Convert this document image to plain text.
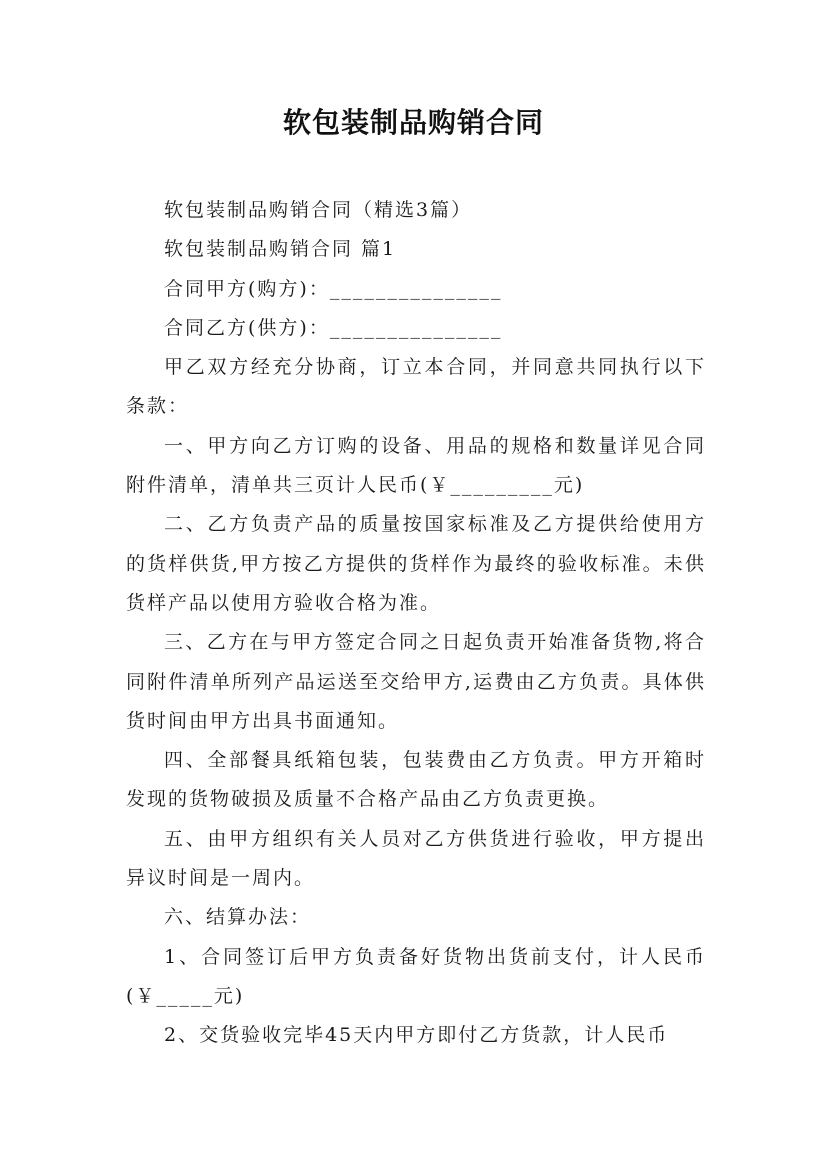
软包装制品购销合同

软包装制品购销合同（精选3篇）

软包装制品购销合同 篇1

合同甲方(购方)：_______________

合同乙方(供方)：_______________

甲乙双方经充分协商，订立本合同，并同意共同执行以下条款：

一、甲方向乙方订购的设备、用品的规格和数量详见合同附件清单，清单共三页计人民币(￥_________元)

二、乙方负责产品的质量按国家标准及乙方提供给使用方的货样供货,甲方按乙方提供的货样作为最终的验收标准。未供货样产品以使用方验收合格为准。

三、乙方在与甲方签定合同之日起负责开始准备货物,将合同附件清单所列产品运送至交给甲方,运费由乙方负责。具体供货时间由甲方出具书面通知。

四、全部餐具纸箱包装，包装费由乙方负责。甲方开箱时发现的货物破损及质量不合格产品由乙方负责更换。

五、由甲方组织有关人员对乙方供货进行验收，甲方提出异议时间是一周内。

六、结算办法：

1、合同签订后甲方负责备好货物出货前支付，计人民币(￥_____元)

2、交货验收完毕45天内甲方即付乙方货款，计人民币
